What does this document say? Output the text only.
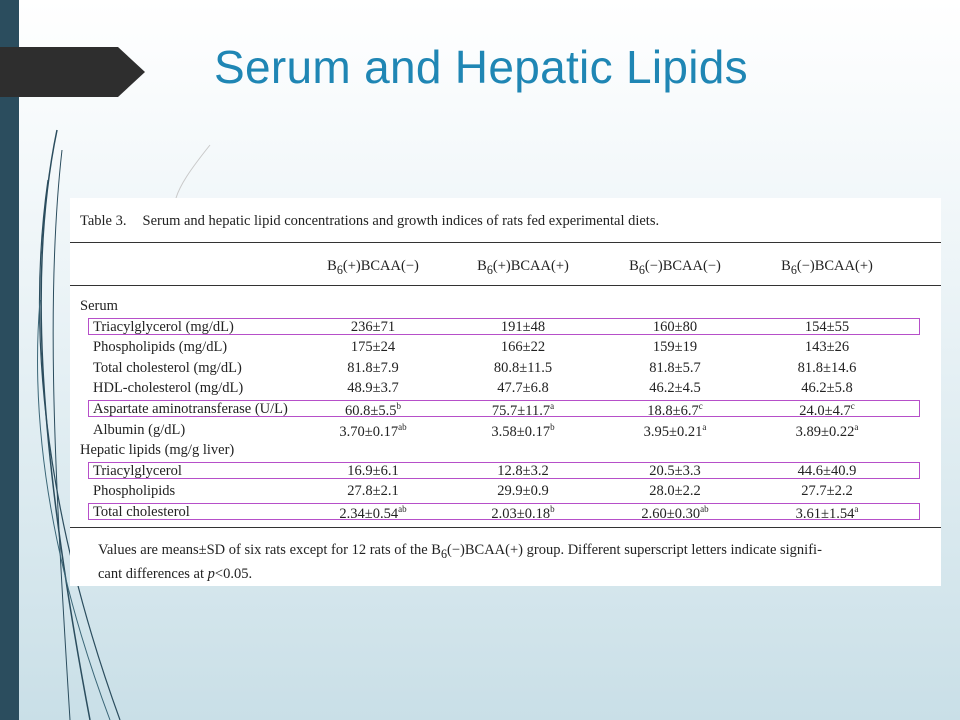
Serum and Hepatic Lipids
Table 3. Serum and hepatic lipid concentrations and growth indices of rats fed experimental diets.
$B_6(+)BCAA(-)$	$B_6(+)BCAA(+)$	$B_6(-)BCAA(-)$	$B_6(-)BCAA(+)$
Serum
Triacylglycerol (mg/dL)	236±71	191±48	160±80	154±55
Phospholipids (mg/dL)	175±24	166±22	159±19	143±26
Total cholesterol (mg/dL)	81.8±7.9	80.8±11.5	81.8±5.7	81.8±14.6
HDL-cholesterol (mg/dL)	48.9±3.7	47.7±6.8	46.2±4.5	46.2±5.8
Aspartate aminotransferase (U/L)	60.8±5.5$^b$	75.7±11.7$^a$	18.8±6.7$^c$	24.0±4.7$^c$
Albumin (g/dL)	3.70±0.17$^{ab}$	3.58±0.17$^b$	3.95±0.21$^a$	3.89±0.22$^a$
Hepatic lipids (mg/g liver)
Triacylglycerol	16.9±6.1	12.8±3.2	20.5±3.3	44.6±40.9
Phospholipids	27.8±2.1	29.9±0.9	28.0±2.2	27.7±2.2
Total cholesterol	2.34±0.54$^{ab}$	2.03±0.18$^b$	2.60±0.30$^{ab}$	3.61±1.54$^a$
Values are means±SD of six rats except for 12 rats of the $B_6(-)BCAA(+)$ group. Different superscript letters indicate signifi-
cant differences at p<0.05.
